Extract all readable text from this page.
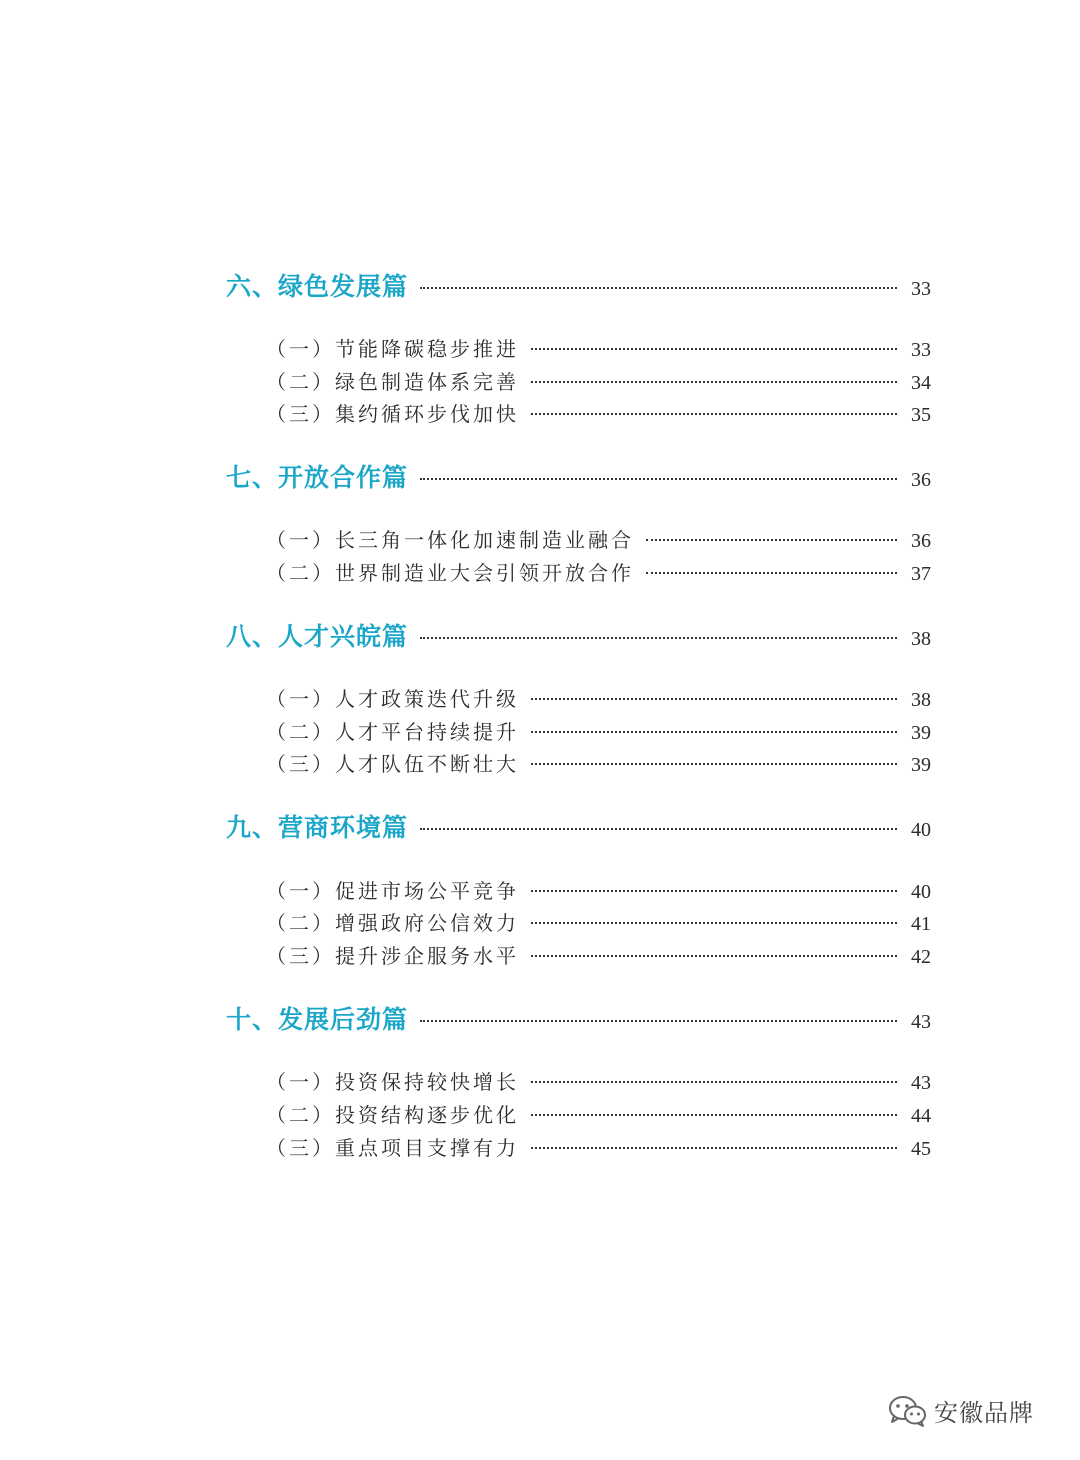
六、绿色发展篇	33
（一）节能降碳稳步推进	33
（二）绿色制造体系完善	34
（三）集约循环步伐加快	35
七、开放合作篇	36
（一）长三角一体化加速制造业融合	36
（二）世界制造业大会引领开放合作	37
八、人才兴皖篇	38
（一）人才政策迭代升级	38
（二）人才平台持续提升	39
（三）人才队伍不断壮大	39
九、营商环境篇	40
（一）促进市场公平竞争	40
（二）增强政府公信效力	41
（三）提升涉企服务水平	42
十、发展后劲篇	43
（一）投资保持较快增长	43
（二）投资结构逐步优化	44
（三）重点项目支撑有力	45
安徽品牌
